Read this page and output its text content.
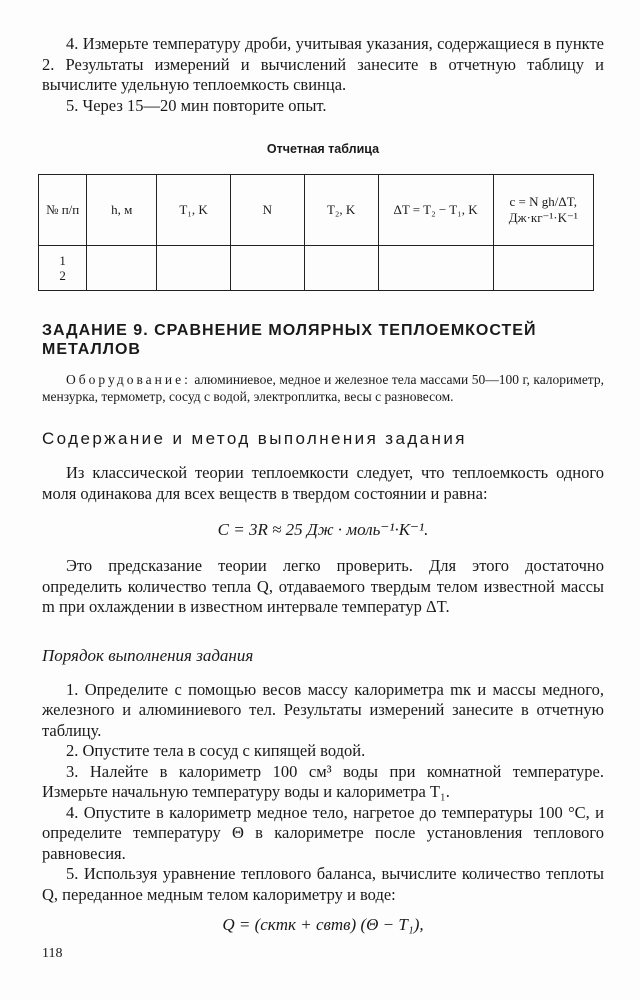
4. Измерьте температуру дроби, учитывая указания, содержащиеся в пункте 2. Результаты измерений и вычислений занесите в отчетную таблицу и вычислите удельную теплоемкость свинца.

5. Через 15—20 мин повторите опыт.

Отчетная таблица

№ п/п	h, м	T₁, K	N	T₂, K	ΔT = T₂ − T₁, K	c = N gh/ΔT, Дж·кг⁻¹·K⁻¹
1
2						

ЗАДАНИЕ 9. СРАВНЕНИЕ МОЛЯРНЫХ ТЕПЛОЕМКОСТЕЙ МЕТАЛЛОВ

Оборудование: алюминиевое, медное и железное тела массами 50—100 г, калориметр, мензурка, термометр, сосуд с водой, электроплитка, весы с разновесом.

Содержание и метод выполнения задания

Из классической теории теплоемкости следует, что теплоемкость одного моля одинакова для всех веществ в твердом состоянии и равна:

C = 3R ≈ 25 Дж · моль⁻¹·K⁻¹.

Это предсказание теории легко проверить. Для этого достаточно определить количество тепла Q, отдаваемого твердым телом известной массы m при охлаждении в известном интервале температур ΔT.

Порядок выполнения задания

1. Определите с помощью весов массу калориметра mк и массы медного, железного и алюминиевого тел. Результаты измерений занесите в отчетную таблицу.

2. Опустите тела в сосуд с кипящей водой.

3. Налейте в калориметр 100 см³ воды при комнатной температуре. Измерьте начальную температуру воды и калориметра T₁.

4. Опустите в калориметр медное тело, нагретое до температуры 100 °С, и определите температуру Θ в калориметре после установления теплового равновесия.

5. Используя уравнение теплового баланса, вычислите количество теплоты Q, переданное медным телом калориметру и воде:

Q = (cкmк + cвmв) (Θ − T₁),

118
